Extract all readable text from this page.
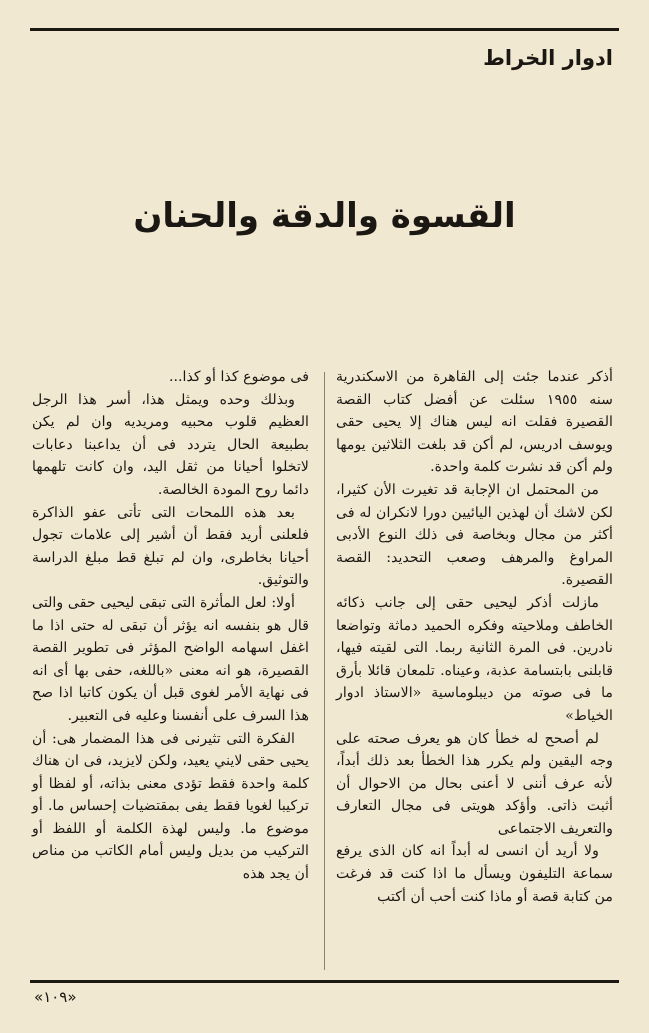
ادوار الخراط
القسوة والدقة والحنان

أذكر عندما جئت إلى القاهرة من الاسكندرية سنه ١٩٥٥ سئلت عن أفضل كتاب القصة القصيرة فقلت انه ليس هناك إلا يحيى حقى ويوسف ادريس، لم أكن قد بلغت الثلاثين يومها ولم أكن قد نشرت كلمة واحدة.

من المحتمل ان الإجابة قد تغيرت الأن كثيرا، لكن لاشك أن لهذين اليائيين دورا لانكران له فى أكثر من مجال وبخاصة فى ذلك النوع الأدبى المراوغ والمرهف وصعب التحديد: القصة القصيرة.

مازلت أذكر ليحيى حقى إلى جانب ذكائه الخاطف وملاحيته وفكره الحميد دماثة وتواضعا نادرين. فى المرة الثانية ربما. التى لقيته فيها، قابلنى بابتسامة عذبة، وعيناه. تلمعان قائلا بأرق ما فى صوته من ديبلوماسية «الاستاذ ادوار الخياط»

لم أصحح له خطأ كان هو يعرف صحته على وجه اليقين ولم يكرر هذا الخطأ بعد ذلك أبداً، لأنه عرف أننى لا أعنى بحال من الاحوال أن أثبت ذاتى. وأؤكد هويتى فى مجال التعارف والتعريف الاجتماعى

ولا أريد أن انسى له أبداً انه كان الذى يرفع سماعة التليفون ويسأل ما اذا كنت قد فرغت من كتابة قصة أو ماذا كنت أحب أن أكتب

فى موضوع كذا أو كذا...

وبذلك وحده ويمثل هذا، أسر هذا الرجل العظيم قلوب محبيه ومريديه وان لم يكن بطبيعة الحال يتردد فى أن يداعبنا دعابات لاتخلوا أحيانا من ثقل اليد، وان كانت تلهمها دائما روح المودة الخالصة.

بعد هذه اللمحات التى تأتى عفو الذاكرة فلعلنى أريد فقط أن أشير إلى علامات تجول أحيانا بخاطرى، وان لم تبلغ قط مبلغ الدراسة والتوثيق.

أولا: لعل المأثرة التى تبقى ليحيى حقى والتى قال هو بنفسه انه يؤثر أن تبقى له حتى اذا ما اغفل اسهامه الواضح المؤثر فى تطوير القصة القصيرة، هو انه معنى «باللغه، حفى بها أى انه فى نهاية الأمر لغوى قبل أن يكون كاتبا اذا صح هذا السرف على أنفسنا وعليه فى التعبير.

الفكرة التى تثيرنى فى هذا المضمار هى: أن يحيى حقى لايني يعيد، ولكن لايزيد، فى ان هناك كلمة واحدة فقط تؤدى معنى بذاته، أو لفظا أو تركيبا لغويا فقط يفى بمقتضيات إحساس ما. أو موضوع ما. وليس لهذة الكلمة أو اللفظ أو التركيب من بديل وليس أمام الكاتب من مناص أن يجد هذه

«١٠٩»
